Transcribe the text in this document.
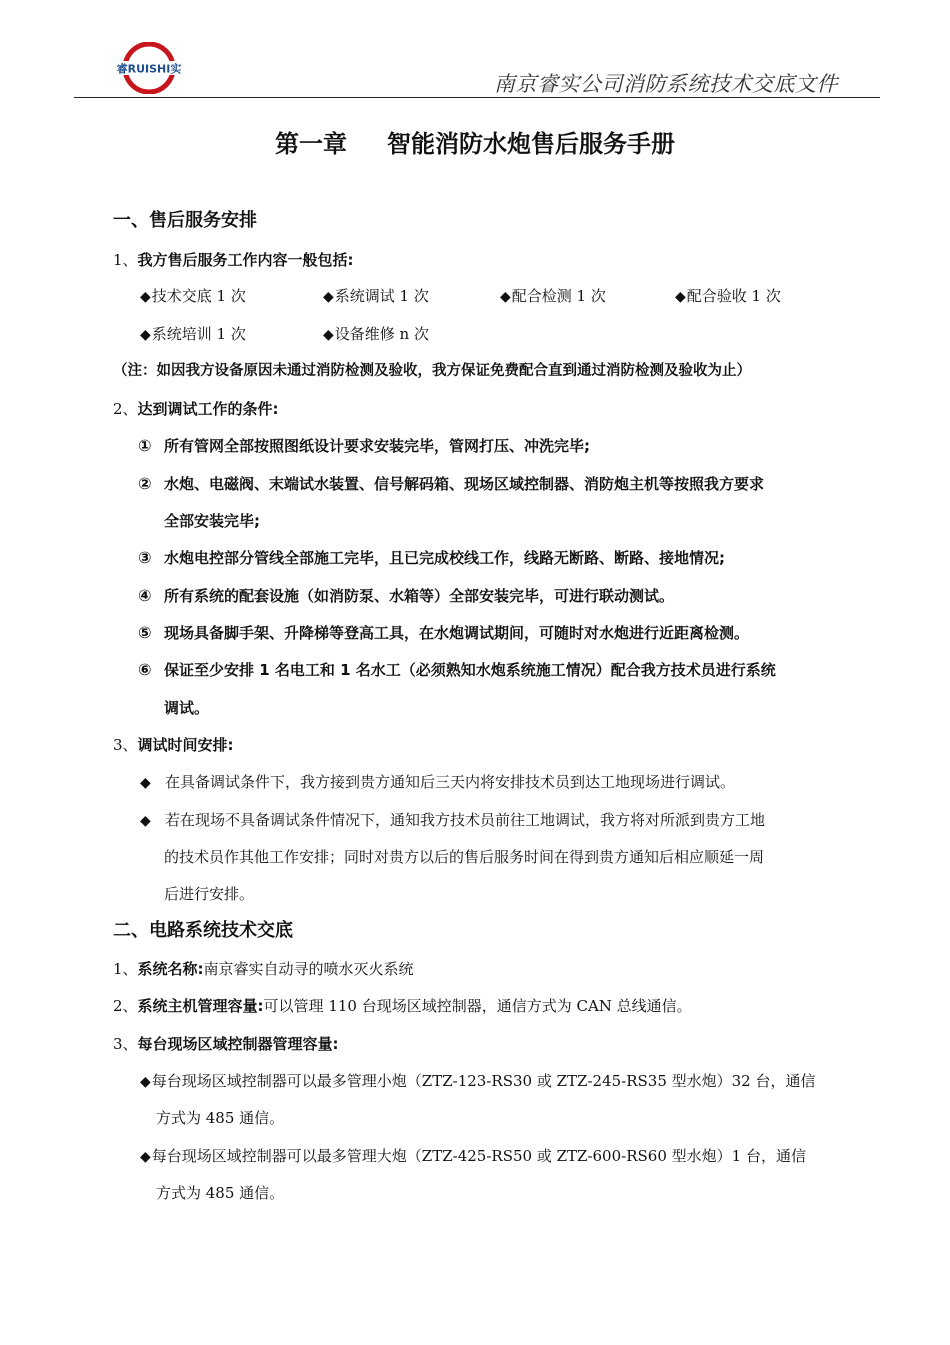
睿RUISHI实
南京睿实公司消防系统技术交底文件
第一章 智能消防水炮售后服务手册
一、售后服务安排
1、我方售后服务工作内容一般包括:
◆技术交底 1 次	◆系统调试 1 次	◆配合检测 1 次	◆配合验收 1 次
◆系统培训 1 次	◆设备维修 n 次
（注：如因我方设备原因未通过消防检测及验收，我方保证免费配合直到通过消防检测及验收为止）
2、达到调试工作的条件:
① 所有管网全部按照图纸设计要求安装完毕，管网打压、冲洗完毕;
② 水炮、电磁阀、末端试水装置、信号解码箱、现场区域控制器、消防炮主机等按照我方要求
全部安装完毕;
③ 水炮电控部分管线全部施工完毕，且已完成校线工作，线路无断路、断路、接地情况;
④ 所有系统的配套设施（如消防泵、水箱等）全部安装完毕，可进行联动测试。
⑤ 现场具备脚手架、升降梯等登高工具，在水炮调试期间，可随时对水炮进行近距离检测。
⑥ 保证至少安排 1 名电工和 1 名水工（必须熟知水炮系统施工情况）配合我方技术员进行系统
调试。
3、调试时间安排:
◆ 在具备调试条件下，我方接到贵方通知后三天内将安排技术员到达工地现场进行调试。
◆ 若在现场不具备调试条件情况下，通知我方技术员前往工地调试，我方将对所派到贵方工地
的技术员作其他工作安排；同时对贵方以后的售后服务时间在得到贵方通知后相应顺延一周
后进行安排。
二、电路系统技术交底
1、系统名称:南京睿实自动寻的喷水灭火系统
2、系统主机管理容量:可以管理 110 台现场区域控制器，通信方式为 CAN 总线通信。
3、每台现场区域控制器管理容量:
◆每台现场区域控制器可以最多管理小炮（ZTZ-123-RS30 或 ZTZ-245-RS35 型水炮）32 台，通信
方式为 485 通信。
◆每台现场区域控制器可以最多管理大炮（ZTZ-425-RS50 或 ZTZ-600-RS60 型水炮）1 台，通信
方式为 485 通信。
